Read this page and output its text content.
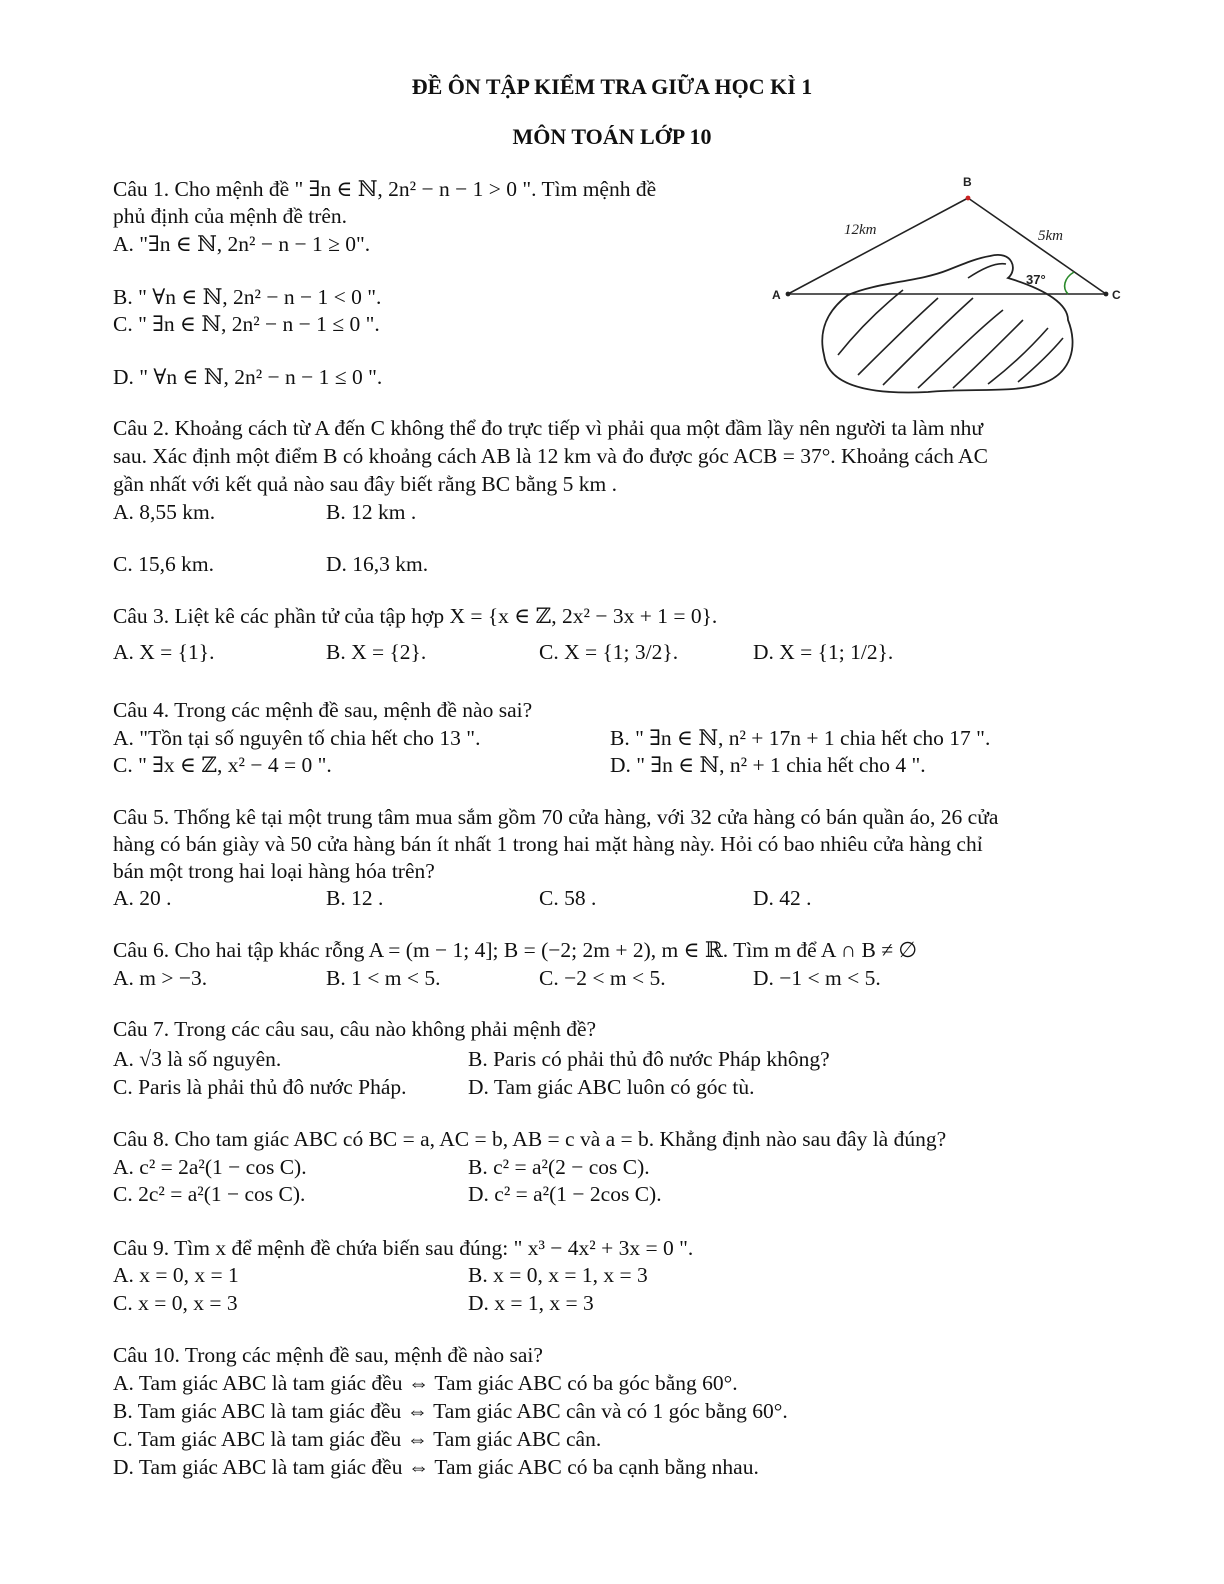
ĐỀ ÔN TẬP KIỂM TRA GIỮA HỌC KÌ 1
MÔN TOÁN LỚP 10
Câu 1. Cho mệnh đề " ∃n ∈ ℕ, 2n² − n − 1 > 0 ". Tìm mệnh đề
phủ định của mệnh đề trên.
A. "∃n ∈ ℕ, 2n² − n − 1 ≥ 0".
B. " ∀n ∈ ℕ, 2n² − n − 1 < 0 ".
C. " ∃n ∈ ℕ, 2n² − n − 1 ≤ 0 ".
D. " ∀n ∈ ℕ, 2n² − n − 1 ≤ 0 ".
B
A	C
12km	5km
37°
Câu 2. Khoảng cách từ A đến C không thể đo trực tiếp vì phải qua một đầm lầy nên người ta làm như
sau. Xác định một điểm B có khoảng cách AB là 12 km và đo được góc ACB = 37°. Khoảng cách AC
gần nhất với kết quả nào sau đây biết rằng BC bằng 5 km .
A. 8,55 km.	B. 12 km .
C. 15,6 km.	D. 16,3 km.
Câu 3. Liệt kê các phần tử của tập hợp X = {x ∈ ℤ, 2x² − 3x + 1 = 0}.
A. X = {1}.	B. X = {2}.	C. X = {1; 3/2}.	D. X = {1; 1/2}.
Câu 4. Trong các mệnh đề sau, mệnh đề nào sai?
A. "Tồn tại số nguyên tố chia hết cho 13 ".	B. " ∃n ∈ ℕ, n² + 17n + 1 chia hết cho 17 ".
C. " ∃x ∈ ℤ, x² − 4 = 0 ".	D. " ∃n ∈ ℕ, n² + 1 chia hết cho 4 ".
Câu 5. Thống kê tại một trung tâm mua sắm gồm 70 cửa hàng, với 32 cửa hàng có bán quần áo, 26 cửa
hàng có bán giày và 50 cửa hàng bán ít nhất 1 trong hai mặt hàng này. Hỏi có bao nhiêu cửa hàng chỉ
bán một trong hai loại hàng hóa trên?
A. 20 .	B. 12 .	C. 58 .	D. 42 .
Câu 6. Cho hai tập khác rỗng A = (m − 1; 4]; B = (−2; 2m + 2), m ∈ ℝ. Tìm m để A ∩ B ≠ ∅
A. m > −3.	B. 1 < m < 5.	C. −2 < m < 5.	D. −1 < m < 5.
Câu 7. Trong các câu sau, câu nào không phải mệnh đề?
A. √3 là số nguyên.	B. Paris có phải thủ đô nước Pháp không?
C. Paris là phải thủ đô nước Pháp.	D. Tam giác ABC luôn có góc tù.
Câu 8. Cho tam giác ABC có BC = a, AC = b, AB = c và a = b. Khẳng định nào sau đây là đúng?
A. c² = 2a²(1 − cos C).	B. c² = a²(2 − cos C).
C. 2c² = a²(1 − cos C).	D. c² = a²(1 − 2cos C).
Câu 9. Tìm x để mệnh đề chứa biến sau đúng: " x³ − 4x² + 3x = 0 ".
A. x = 0, x = 1	B. x = 0, x = 1, x = 3
C. x = 0, x = 3	D. x = 1, x = 3
Câu 10. Trong các mệnh đề sau, mệnh đề nào sai?
A. Tam giác ABC là tam giác đều ⇔ Tam giác ABC có ba góc bằng 60°.
B. Tam giác ABC là tam giác đều ⇔ Tam giác ABC cân và có 1 góc bằng 60°.
C. Tam giác ABC là tam giác đều ⇔ Tam giác ABC cân.
D. Tam giác ABC là tam giác đều ⇔ Tam giác ABC có ba cạnh bằng nhau.
